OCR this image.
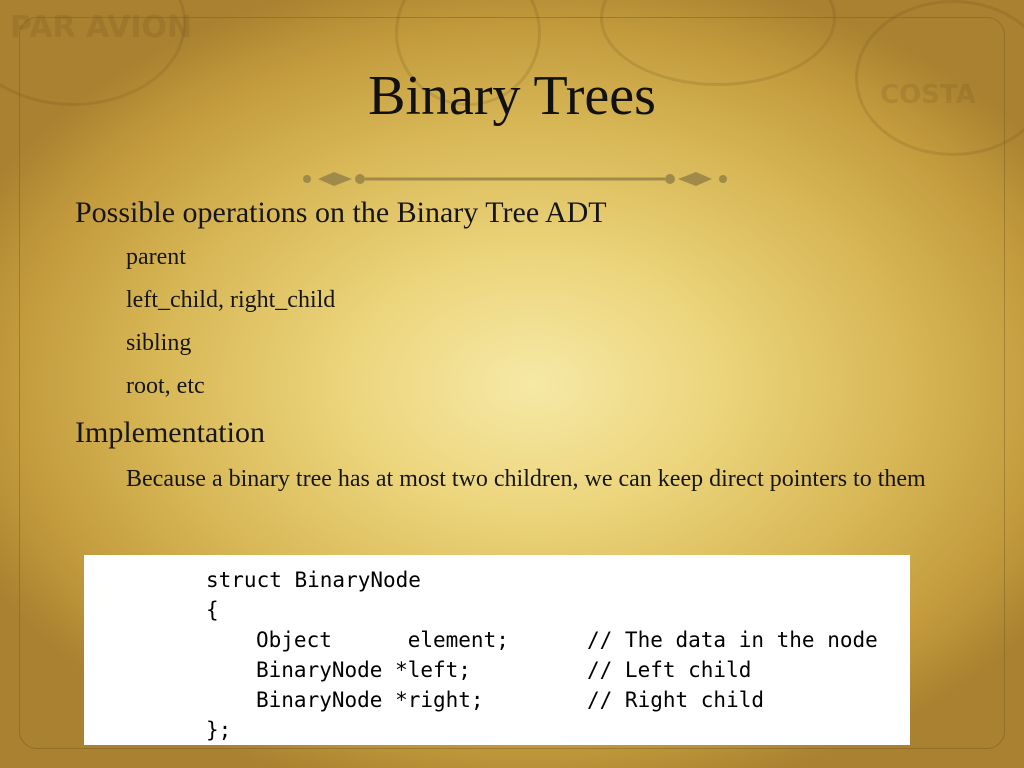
PAR AVION
COSTA
Binary Trees
Possible operations on the Binary Tree ADT
parent
left_child, right_child
sibling
root, etc
Implementation
Because a binary tree has at most two children, we can keep direct pointers to them
struct BinaryNode
{
Object      element;	// The data in the node
BinaryNode *left;	// Left child
BinaryNode *right;	// Right child
};
